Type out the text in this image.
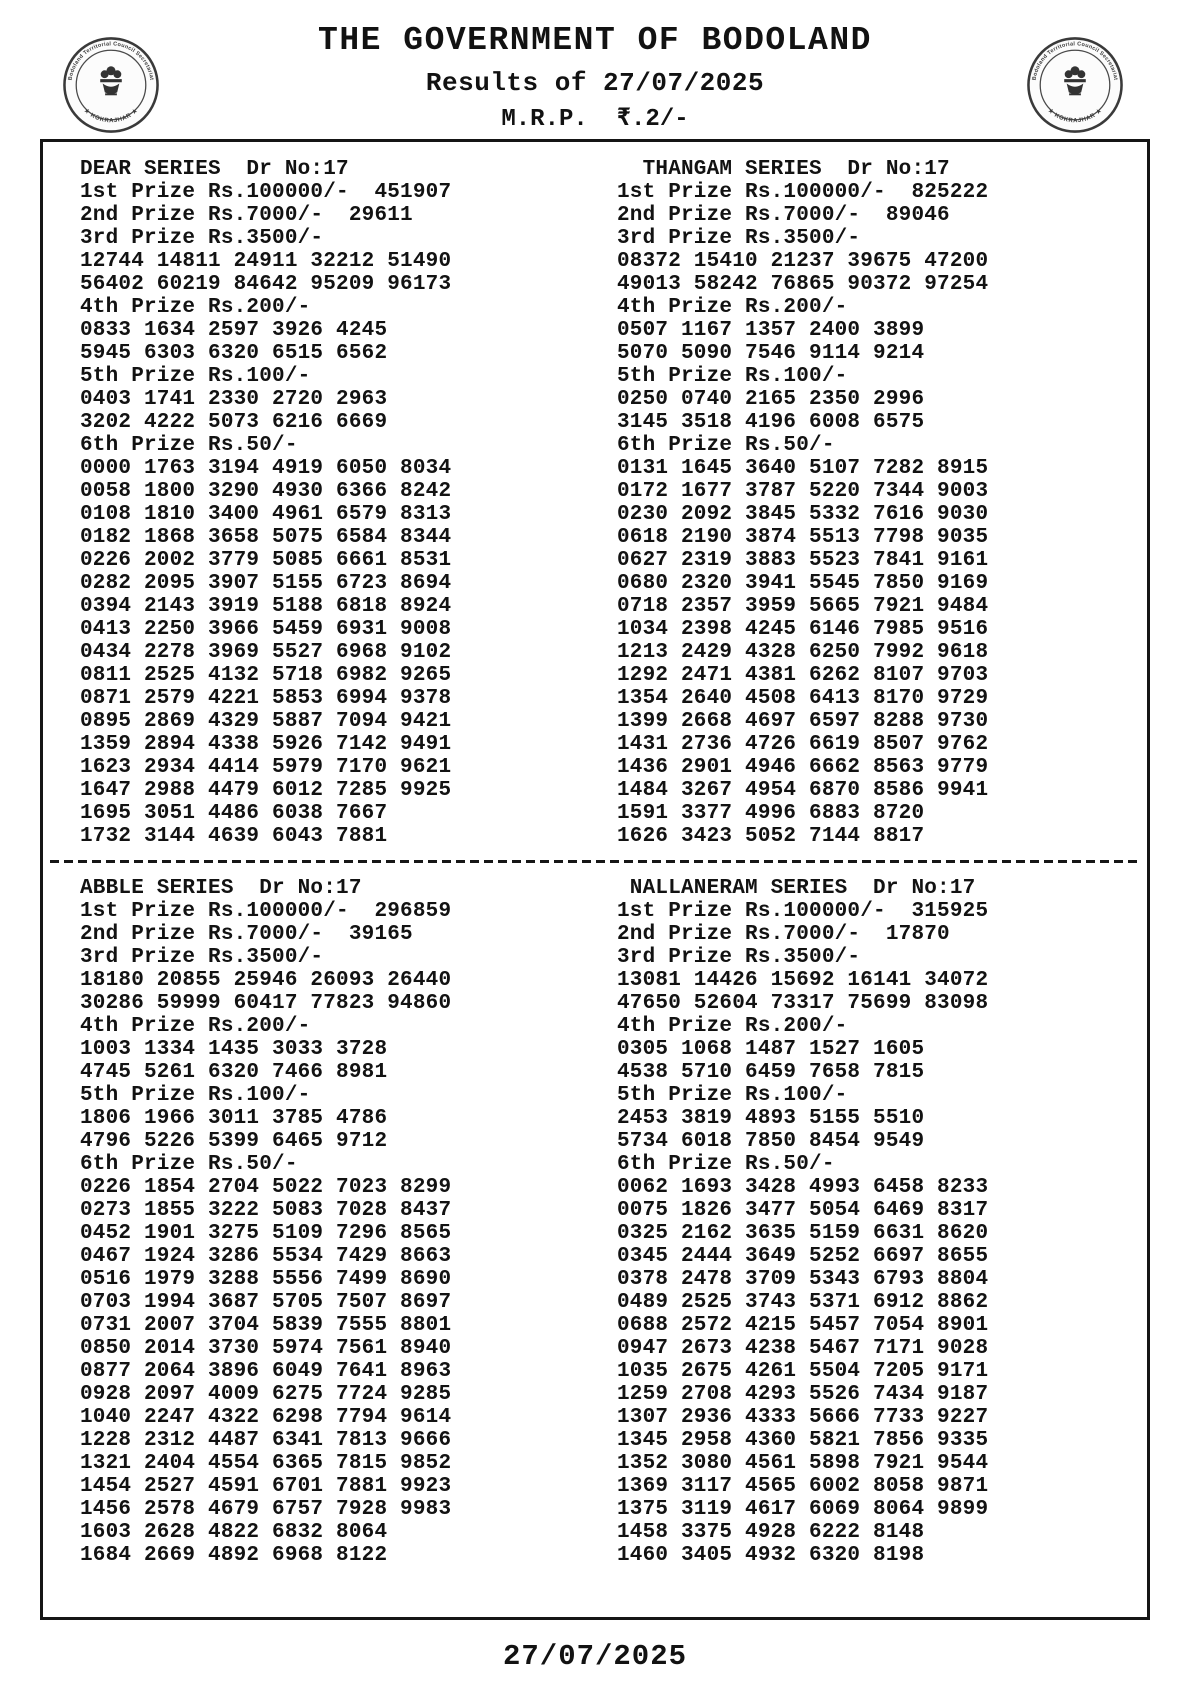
Bodoland Territorial Council Secretariat
★ KOKRAJHAR ★
THE GOVERNMENT OF BODOLAND
Results of 27/07/2025
M.R.P.  ₹.2/-
Bodoland Territorial Council Secretariat
★ KOKRAJHAR ★
DEAR SERIES  Dr No:17
1st Prize Rs.100000/-  451907
2nd Prize Rs.7000/-  29611
3rd Prize Rs.3500/-
12744 14811 24911 32212 51490
56402 60219 84642 95209 96173
4th Prize Rs.200/-
0833 1634 2597 3926 4245
5945 6303 6320 6515 6562
5th Prize Rs.100/-
0403 1741 2330 2720 2963
3202 4222 5073 6216 6669
6th Prize Rs.50/-
0000 1763 3194 4919 6050 8034
0058 1800 3290 4930 6366 8242
0108 1810 3400 4961 6579 8313
0182 1868 3658 5075 6584 8344
0226 2002 3779 5085 6661 8531
0282 2095 3907 5155 6723 8694
0394 2143 3919 5188 6818 8924
0413 2250 3966 5459 6931 9008
0434 2278 3969 5527 6968 9102
0811 2525 4132 5718 6982 9265
0871 2579 4221 5853 6994 9378
0895 2869 4329 5887 7094 9421
1359 2894 4338 5926 7142 9491
1623 2934 4414 5979 7170 9621
1647 2988 4479 6012 7285 9925
1695 3051 4486 6038 7667
1732 3144 4639 6043 7881
THANGAM SERIES  Dr No:17
1st Prize Rs.100000/-  825222
2nd Prize Rs.7000/-  89046
3rd Prize Rs.3500/-
08372 15410 21237 39675 47200
49013 58242 76865 90372 97254
4th Prize Rs.200/-
0507 1167 1357 2400 3899
5070 5090 7546 9114 9214
5th Prize Rs.100/-
0250 0740 2165 2350 2996
3145 3518 4196 6008 6575
6th Prize Rs.50/-
0131 1645 3640 5107 7282 8915
0172 1677 3787 5220 7344 9003
0230 2092 3845 5332 7616 9030
0618 2190 3874 5513 7798 9035
0627 2319 3883 5523 7841 9161
0680 2320 3941 5545 7850 9169
0718 2357 3959 5665 7921 9484
1034 2398 4245 6146 7985 9516
1213 2429 4328 6250 7992 9618
1292 2471 4381 6262 8107 9703
1354 2640 4508 6413 8170 9729
1399 2668 4697 6597 8288 9730
1431 2736 4726 6619 8507 9762
1436 2901 4946 6662 8563 9779
1484 3267 4954 6870 8586 9941
1591 3377 4996 6883 8720
1626 3423 5052 7144 8817
ABBLE SERIES  Dr No:17
1st Prize Rs.100000/-  296859
2nd Prize Rs.7000/-  39165
3rd Prize Rs.3500/-
18180 20855 25946 26093 26440
30286 59999 60417 77823 94860
4th Prize Rs.200/-
1003 1334 1435 3033 3728
4745 5261 6320 7466 8981
5th Prize Rs.100/-
1806 1966 3011 3785 4786
4796 5226 5399 6465 9712
6th Prize Rs.50/-
0226 1854 2704 5022 7023 8299
0273 1855 3222 5083 7028 8437
0452 1901 3275 5109 7296 8565
0467 1924 3286 5534 7429 8663
0516 1979 3288 5556 7499 8690
0703 1994 3687 5705 7507 8697
0731 2007 3704 5839 7555 8801
0850 2014 3730 5974 7561 8940
0877 2064 3896 6049 7641 8963
0928 2097 4009 6275 7724 9285
1040 2247 4322 6298 7794 9614
1228 2312 4487 6341 7813 9666
1321 2404 4554 6365 7815 9852
1454 2527 4591 6701 7881 9923
1456 2578 4679 6757 7928 9983
1603 2628 4822 6832 8064
1684 2669 4892 6968 8122
NALLANERAM SERIES  Dr No:17
1st Prize Rs.100000/-  315925
2nd Prize Rs.7000/-  17870
3rd Prize Rs.3500/-
13081 14426 15692 16141 34072
47650 52604 73317 75699 83098
4th Prize Rs.200/-
0305 1068 1487 1527 1605
4538 5710 6459 7658 7815
5th Prize Rs.100/-
2453 3819 4893 5155 5510
5734 6018 7850 8454 9549
6th Prize Rs.50/-
0062 1693 3428 4993 6458 8233
0075 1826 3477 5054 6469 8317
0325 2162 3635 5159 6631 8620
0345 2444 3649 5252 6697 8655
0378 2478 3709 5343 6793 8804
0489 2525 3743 5371 6912 8862
0688 2572 4215 5457 7054 8901
0947 2673 4238 5467 7171 9028
1035 2675 4261 5504 7205 9171
1259 2708 4293 5526 7434 9187
1307 2936 4333 5666 7733 9227
1345 2958 4360 5821 7856 9335
1352 3080 4561 5898 7921 9544
1369 3117 4565 6002 8058 9871
1375 3119 4617 6069 8064 9899
1458 3375 4928 6222 8148
1460 3405 4932 6320 8198
27/07/2025
